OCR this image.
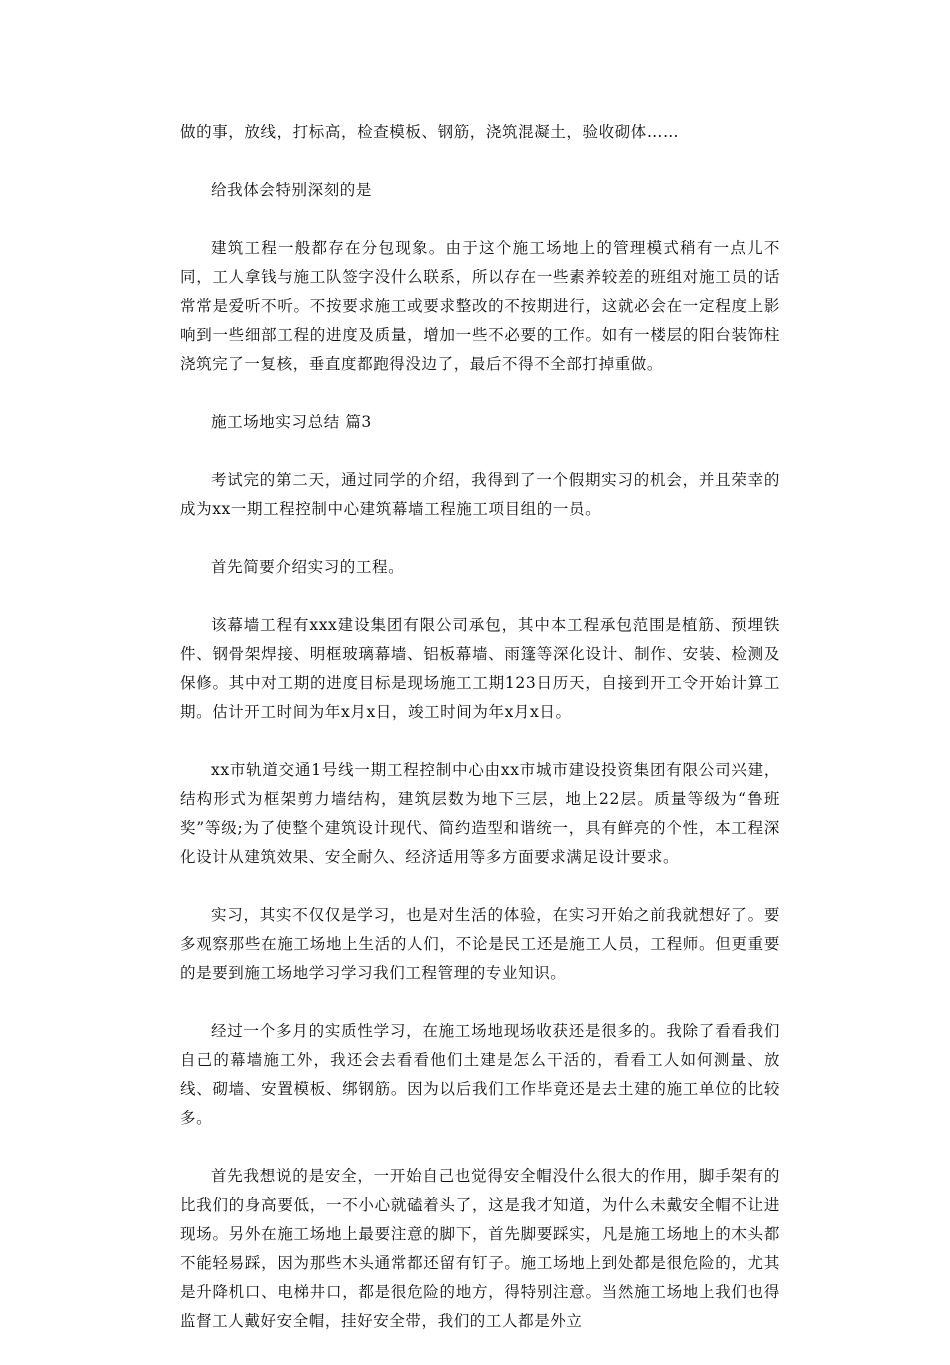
做的事，放线，打标高，检查模板、钢筋，浇筑混凝土，验收砌体……

给我体会特别深刻的是

建筑工程一般都存在分包现象。由于这个施工场地上的管理模式稍有一点儿不同，工人拿钱与施工队签字没什么联系，所以存在一些素养较差的班组对施工员的话常常是爱听不听。不按要求施工或要求整改的不按期进行，这就必会在一定程度上影响到一些细部工程的进度及质量，增加一些不必要的工作。如有一楼层的阳台装饰柱浇筑完了一复核，垂直度都跑得没边了，最后不得不全部打掉重做。

施工场地实习总结 篇3

考试完的第二天，通过同学的介绍，我得到了一个假期实习的机会，并且荣幸的成为xx一期工程控制中心建筑幕墙工程施工项目组的一员。

首先简要介绍实习的工程。

该幕墙工程有xxx建设集团有限公司承包，其中本工程承包范围是植筋、预埋铁件、钢骨架焊接、明框玻璃幕墙、铝板幕墙、雨篷等深化设计、制作、安装、检测及保修。其中对工期的进度目标是现场施工工期123日历天，自接到开工令开始计算工期。估计开工时间为年x月x日，竣工时间为年x月x日。

xx市轨道交通1号线一期工程控制中心由xx市城市建设投资集团有限公司兴建，结构形式为框架剪力墙结构，建筑层数为地下三层，地上22层。质量等级为“鲁班奖”等级;为了使整个建筑设计现代、简约造型和谐统一，具有鲜亮的个性，本工程深化设计从建筑效果、安全耐久、经济适用等多方面要求满足设计要求。

实习，其实不仅仅是学习，也是对生活的体验，在实习开始之前我就想好了。要多观察那些在施工场地上生活的人们，不论是民工还是施工人员，工程师。但更重要的是要到施工场地学习学习我们工程管理的专业知识。

经过一个多月的实质性学习，在施工场地现场收获还是很多的。我除了看看我们自己的幕墙施工外，我还会去看看他们土建是怎么干活的，看看工人如何测量、放线、砌墙、安置模板、绑钢筋。因为以后我们工作毕竟还是去土建的施工单位的比较多。

首先我想说的是安全，一开始自己也觉得安全帽没什么很大的作用，脚手架有的比我们的身高要低，一不小心就磕着头了，这是我才知道，为什么未戴安全帽不让进现场。另外在施工场地上最要注意的脚下，首先脚要踩实，凡是施工场地上的木头都不能轻易踩，因为那些木头通常都还留有钉子。施工场地上到处都是很危险的，尤其是升降机口、电梯井口，都是很危险的地方，得特别注意。当然施工场地上我们也得监督工人戴好安全帽，挂好安全带，我们的工人都是外立
